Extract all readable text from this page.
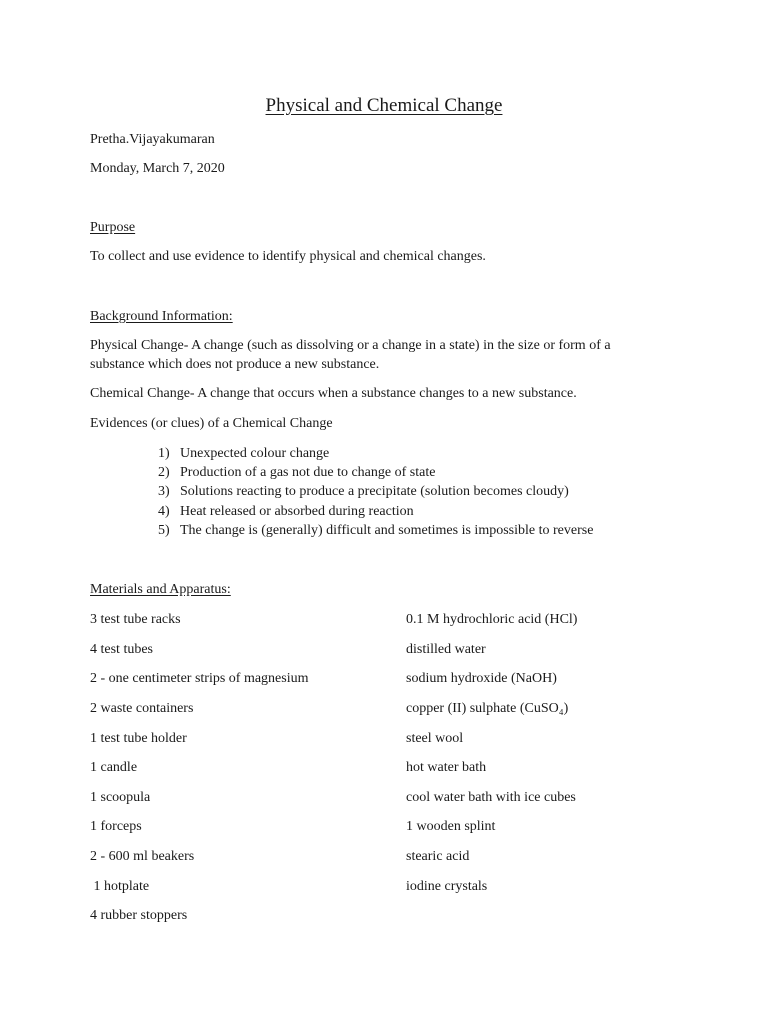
Physical and Chemical Change
Pretha.Vijayakumaran
Monday, March 7, 2020
Purpose
To collect and use evidence to identify physical and chemical changes.
Background Information:
Physical Change- A change (such as dissolving or a change in a state) in the size or form of a
substance which does not produce a new substance.
Chemical Change- A change that occurs when a substance changes to a new substance.
Evidences (or clues) of a Chemical Change
1) Unexpected colour change
2) Production of a gas not due to change of state
3) Solutions reacting to produce a precipitate (solution becomes cloudy)
4) Heat released or absorbed during reaction
5) The change is (generally) difficult and sometimes is impossible to reverse
Materials and Apparatus:
3 test tube racks
4 test tubes
2 - one centimeter strips of magnesium
2 waste containers
1 test tube holder
1 candle
1 scoopula
1 forceps
2 - 600 ml beakers
1 hotplate
4 rubber stoppers
0.1 M hydrochloric acid (HCl)
distilled water
sodium hydroxide (NaOH)
copper (II) sulphate (CuSO₄)
steel wool
hot water bath
cool water bath with ice cubes
1 wooden splint
stearic acid
iodine crystals
